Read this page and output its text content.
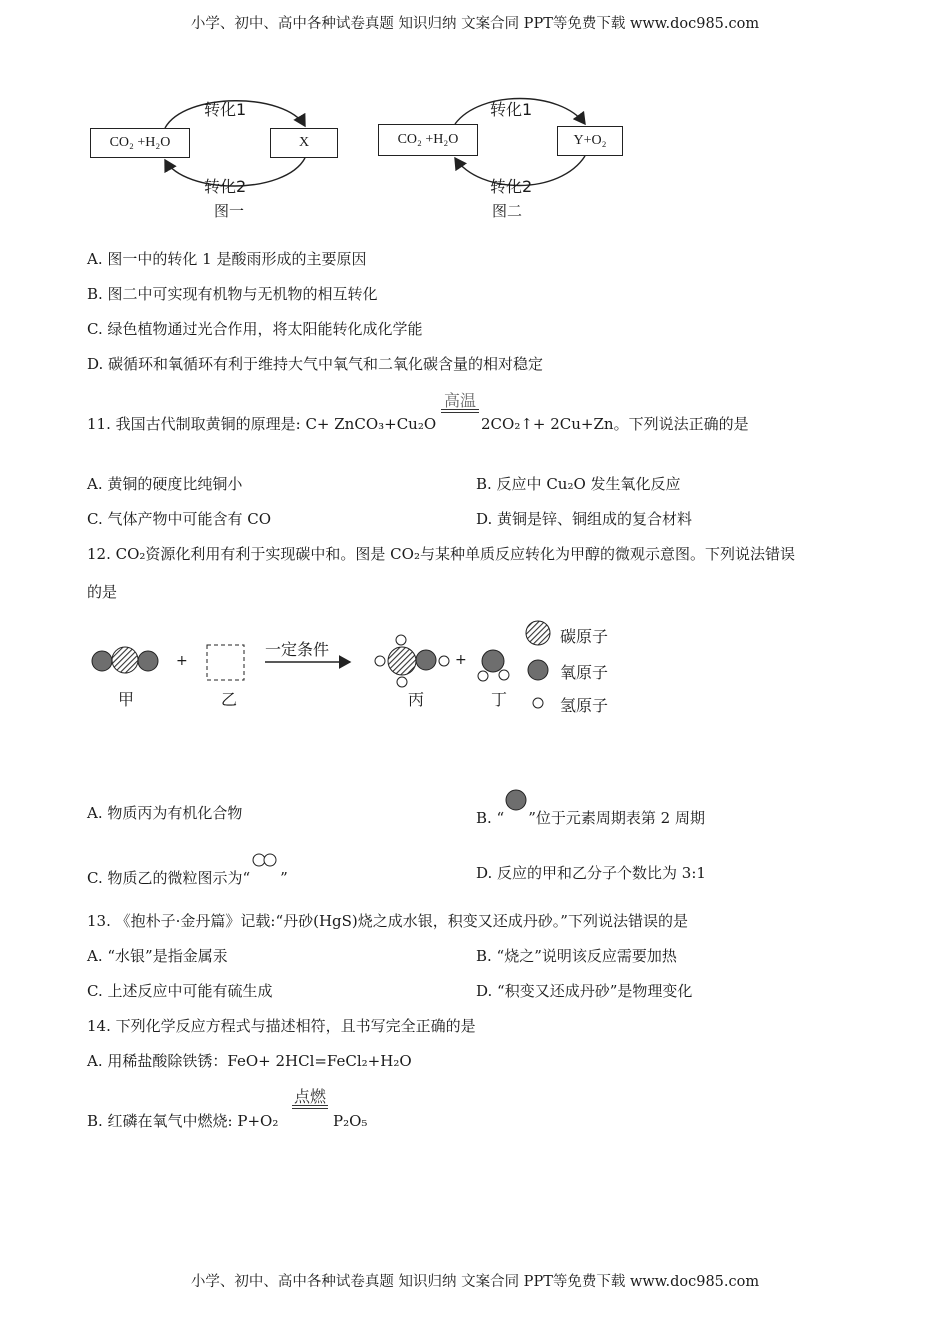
小学、初中、高中各种试卷真题 知识归纳 文案合同 PPT等免费下载 www.doc985.com
CO₂ +H₂O	X
转化1
转化2
图一
CO₂ +H₂O	Y+O₂
转化1
转化2
图二
A. 图一中的转化 1 是酸雨形成的主要原因
B. 图二中可实现有机物与无机物的相互转化
C. 绿色植物通过光合作用，将太阳能转化成化学能
D. 碳循环和氧循环有利于维持大气中氧气和二氧化碳含量的相对稳定
高温
11. 我国古代制取黄铜的原理是: C+ ZnCO₃+Cu₂O	2CO₂↑+ 2Cu+Zn。下列说法正确的是
A. 黄铜的硬度比纯铜小	B. 反应中 Cu₂O 发生氧化反应
C. 气体产物中可能含有 CO	D. 黄铜是锌、铜组成的复合材料
12. CO₂资源化利用有利于实现碳中和。图是 CO₂与某种单质反应转化为甲醇的微观示意图。下列说法错误
的是
+	+
一定条件
甲	乙	丙	丁
碳原子
氧原子
氢原子
A. 物质丙为有机化合物	B. “ ”位于元素周期表第 2 周期
C. 物质乙的微粒图示为“ ”	D. 反应的甲和乙分子个数比为 3:1
13. 《抱朴子·金丹篇》记载:“丹砂(HgS)烧之成水银，积变又还成丹砂。”下列说法错误的是
A. “水银”是指金属汞	B. “烧之”说明该反应需要加热
C. 上述反应中可能有硫生成	D. “积变又还成丹砂”是物理变化
14. 下列化学反应方程式与描述相符，且书写完全正确的是
A. 用稀盐酸除铁锈：FeO+ 2HCl=FeCl₂+H₂O
点燃
B. 红磷在氧气中燃烧: P+O₂	P₂O₅
小学、初中、高中各种试卷真题 知识归纳 文案合同 PPT等免费下载 www.doc985.com
